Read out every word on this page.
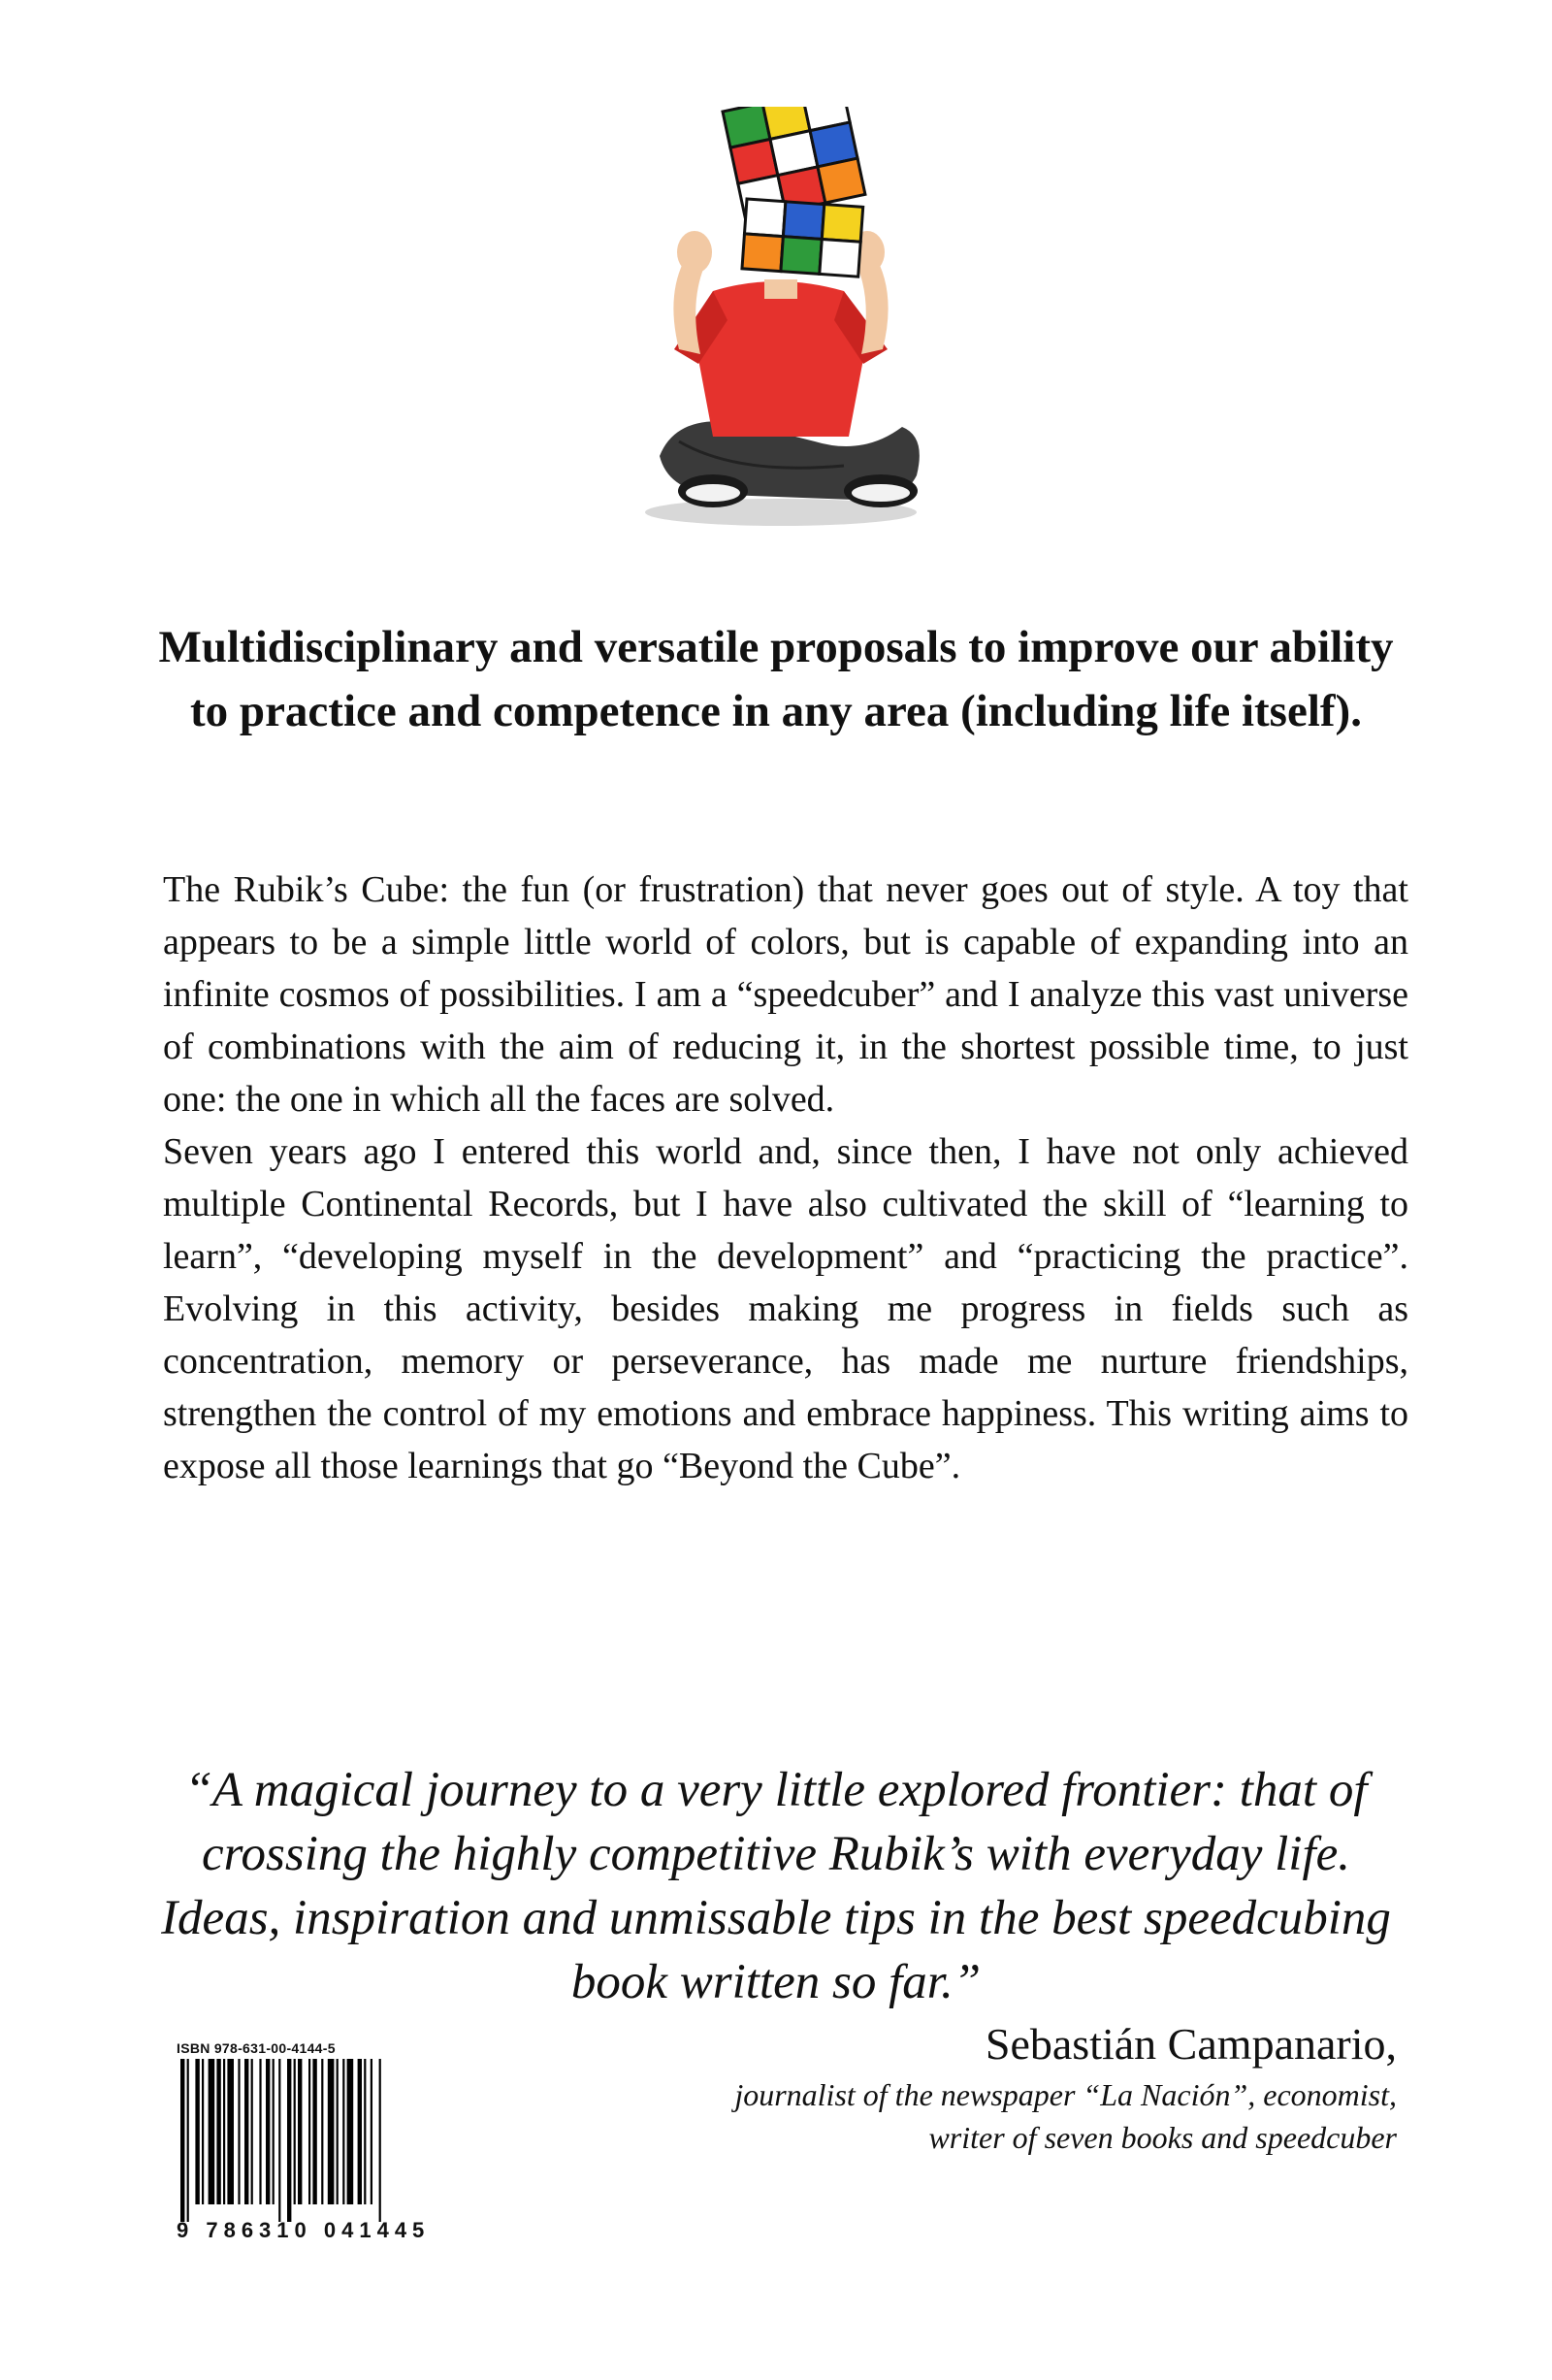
Multidisciplinary and versatile proposals to improve our ability to practice and competence in any area (including life itself).

The Rubik’s Cube: the fun (or frustration) that never goes out of style. A toy that appears to be a simple little world of colors, but is capable of expanding into an infinite cosmos of possibilities. I am a “speedcuber” and I analyze this vast universe of combinations with the aim of reducing it, in the shortest possible time, to just one: the one in which all the faces are solved.

Seven years ago I entered this world and, since then, I have not only achieved multiple Continental Records, but I have also cultivated the skill of “learning to learn”, “developing myself in the development” and “practicing the practice”. Evolving in this activity, besides making me progress in fields such as concentration, memory or perseverance, has made me nurture friendships, strengthen the control of my emotions and embrace happiness. This writing aims to expose all those learnings that go “Beyond the Cube”.

“A magical journey to a very little explored frontier: that of crossing the highly competitive Rubik’s with everyday life. Ideas, inspiration and unmissable tips in the best speedcubing book written so far.”
Sebastián Campanario,
journalist of the newspaper “La Nación”, economist,
writer of seven books and speedcuber
ISBN 978-631-00-4144-5
9 786310 041445
